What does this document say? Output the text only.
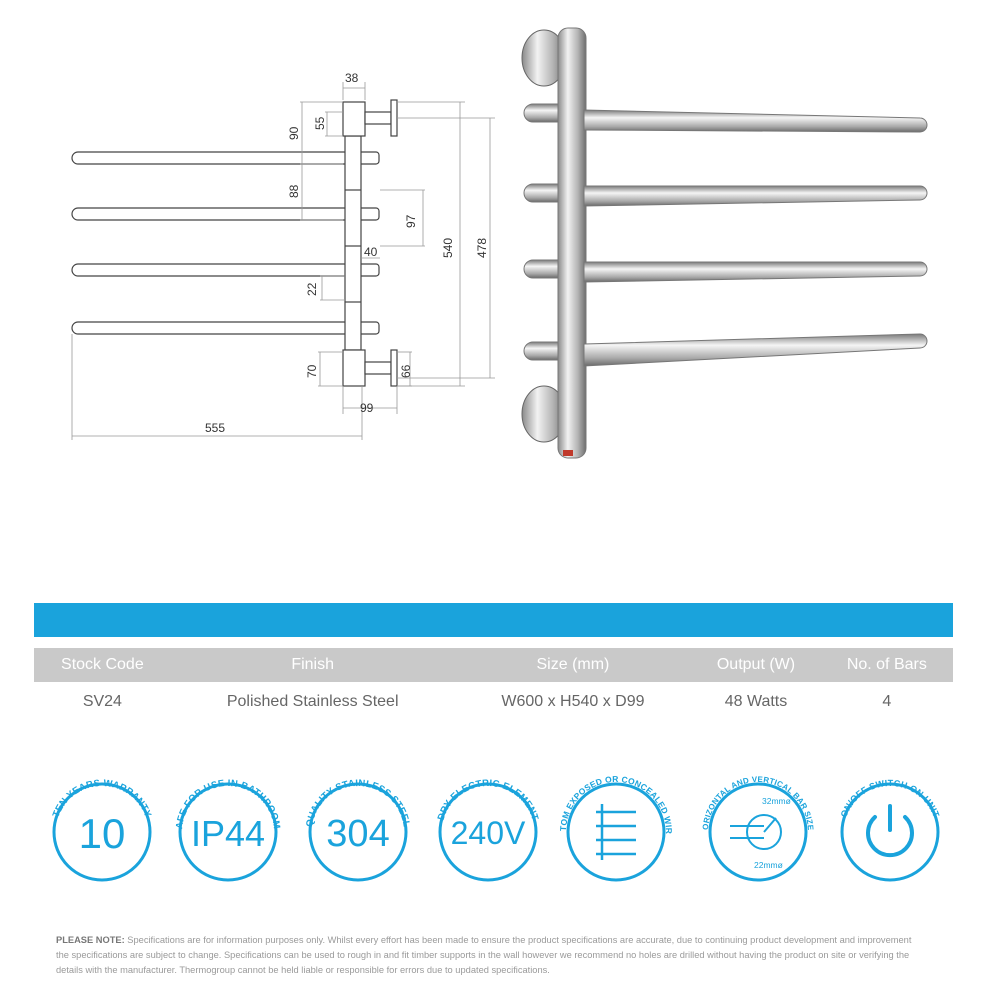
38
55
90
88
97
40	540 478
22
70	66
99
555
Stock Code	Finish	Size (mm)	Output (W)	No. of Bars
SV24	Polished Stainless Steel	W600 x H540 x D99	48 Watts	4
TEN YEARS WARRANTY
10	AFE FOR USE IN BATHROOM
IP44	QUALITY STAINLESS STEEL
304	DRY ELECTRIC ELEMENT
240V	TOM EXPOSED OR CONCEALED WIR
ORIZONTAL AND VERTICAL BAR SIZE
32mmø
22mmø
ON/OFF SWITCH ON UNIT
PLEASE NOTE: Specifications are for information purposes only. Whilst every effort has been made to ensure the product specifications are accurate, due to continuing product development and improvement the specifications are subject to change. Specifications can be used to rough in and fit timber supports in the wall however we recommend no holes are drilled without having the product on site or verifying the details with the manufacturer. Thermogroup cannot be held liable or responsible for errors due to updated specifications.
